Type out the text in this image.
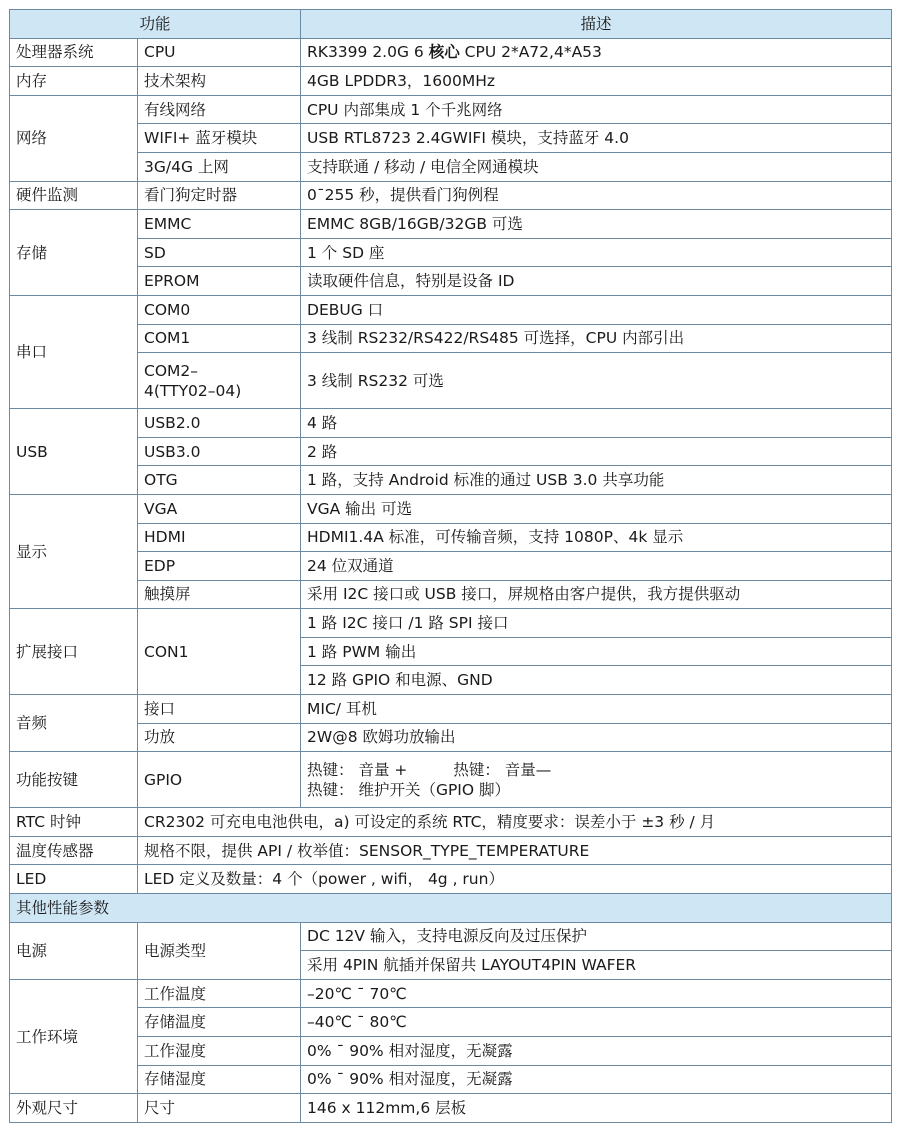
功能		描述
处理器系统	CPU	RK3399 2.0G 6 核心 CPU 2*A72,4*A53
内存	技术架构	4GB LPDDR3，1600MHz
网络	有线网络	CPU 内部集成 1 个千兆网络
	WIFI+ 蓝牙模块	USB RTL8723 2.4GWIFI 模块，支持蓝牙 4.0
	3G/4G 上网	支持联通 / 移动 / 电信全网通模块
硬件监测	看门狗定时器	0¯255 秒，提供看门狗例程
存储	EMMC	EMMC 8GB/16GB/32GB 可选
	SD	1 个 SD 座
	EPROM	读取硬件信息，特别是设备 ID
串口	COM0	DEBUG 口
	COM1	3 线制 RS232/RS422/RS485 可选择，CPU 内部引出
	COM2–
4(TTY02–04)	3 线制 RS232 可选
USB	USB2.0	4 路
	USB3.0	2 路
	OTG	1 路，支持 Android 标准的通过 USB 3.0 共享功能
显示	VGA	VGA 输出 可选
	HDMI	HDMI1.4A 标准，可传输音频，支持 1080P、4k 显示
	EDP	24 位双通道
	触摸屏	采用 I2C 接口或 USB 接口，屏规格由客户提供，我方提供驱动
扩展接口	CON1	1 路 I2C 接口 /1 路 SPI 接口
		1 路 PWM 输出
		12 路 GPIO 和电源、GND
音频	接口	MIC/ 耳机
	功放	2W@8 欧姆功放输出
功能按键	GPIO	热键： 音量 + 热键： 音量—
热键： 维护开关（GPIO 脚）
RTC 时钟	CR2302 可充电电池供电，a) 可设定的系统 RTC，精度要求：误差小于 ±3 秒 / 月	
温度传感器	规格不限，提供 API / 枚举值：SENSOR_TYPE_TEMPERATURE	
LED	LED 定义及数量：4 个（power , wifi， 4g , run）	
其他性能参数		
电源	电源类型	DC 12V 输入，支持电源反向及过压保护
		采用 4PIN 航插并保留共 LAYOUT4PIN WAFER
工作环境	工作温度	–20℃ ¯ 70℃
	存储温度	–40℃ ¯ 80℃
	工作湿度	0% ¯ 90% 相对湿度，无凝露
	存储湿度	0% ¯ 90% 相对湿度，无凝露
外观尺寸	尺寸	146 x 112mm,6 层板
